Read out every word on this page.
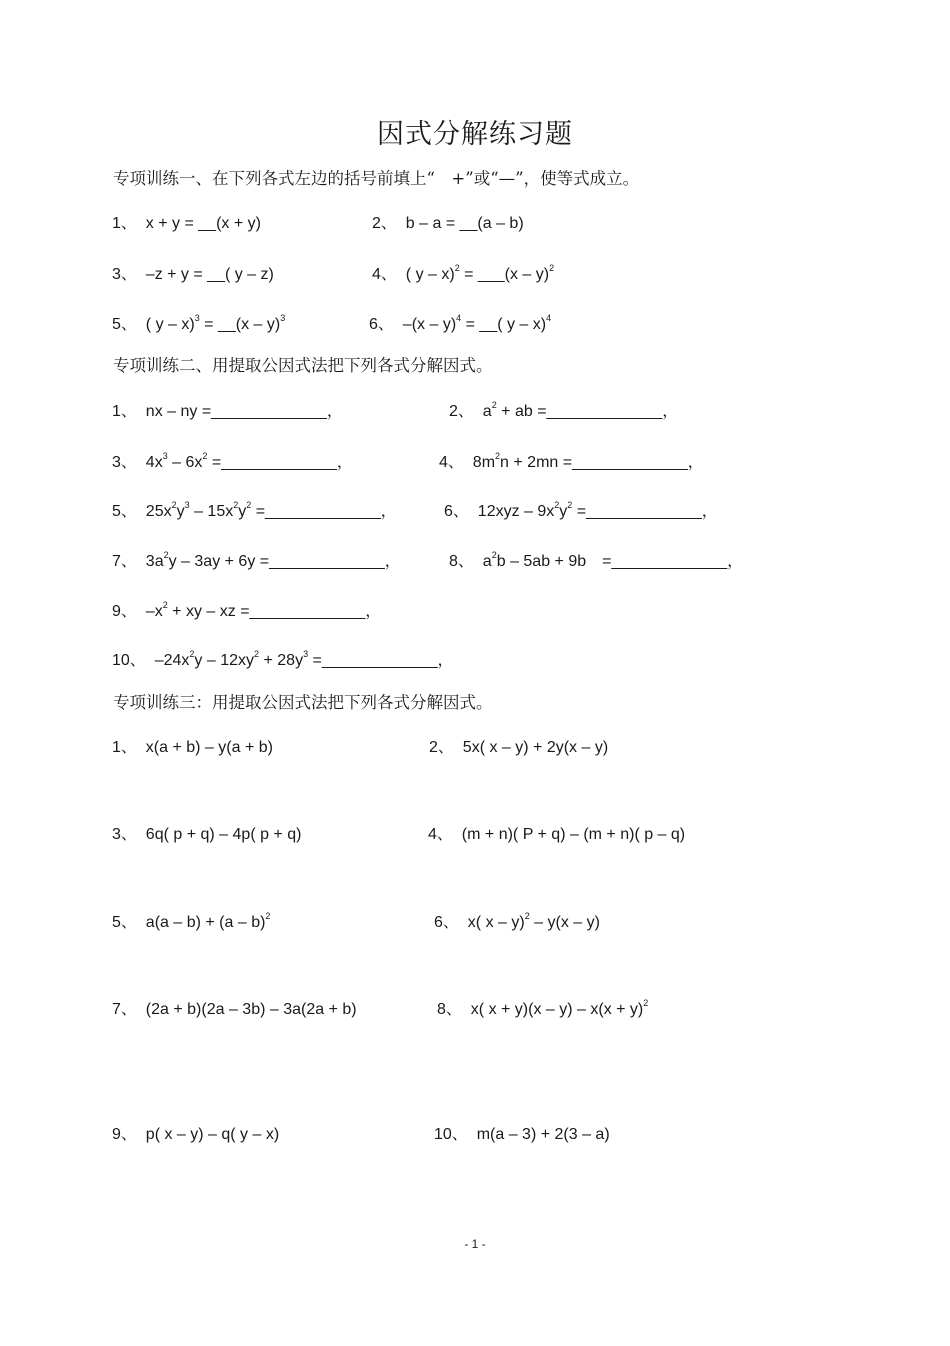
因式分解练习题
专项训练一、在下列各式左边的括号前填上“　+”或“—”，使等式成立。
1、 x + y = __(x + y)	2、 b – a = __(a – b)
3、 –z + y = __( y – z)	4、 ( y – x)$^2$ = ___(x – y)$^2$
5、 ( y – x)$^3$ = __(x – y)$^3$	6、 –(x – y)$^4$ = __( y – x)$^4$
专项训练二、用提取公因式法把下列各式分解因式。
1、 nx – ny =_____________，	2、 $a^2$ + ab =_____________，
3、 $4x^3 - 6x^2$ =_____________，	4、 $8m^2n + 2mn$ =_____________，
5、 $25x^2y^3 - 15x^2y^2$ =_____________，	6、 $12xyz - 9x^2y^2$ =_____________，
7、 $3a^2y - 3ay + 6y$ =_____________，	8、 $a^2b - 5ab + 9b$　=_____________，
9、 $-x^2$ + xy – xz =_____________，
10、 $-24x^2y - 12xy^2 + 28y^3$ =_____________，
专项训练三：用提取公因式法把下列各式分解因式。
1、 x(a + b) – y(a + b)	2、 5x( x – y) + 2y(x – y)
3、 6q( p + q) – 4p( p + q)	4、 (m + n)( P + q) – (m + n)( p – q)
5、 a(a – b) + (a – b)$^2$	6、 x( x – y)$^2$ – y(x – y)
7、 (2a + b)(2a – 3b) – 3a(2a + b)	8、 x( $x + y)(x - y) - x(x + y)^2$
9、 p( x – y) – q( y – x)	10、 m(a – 3) + 2(3 – a)
- 1 -
